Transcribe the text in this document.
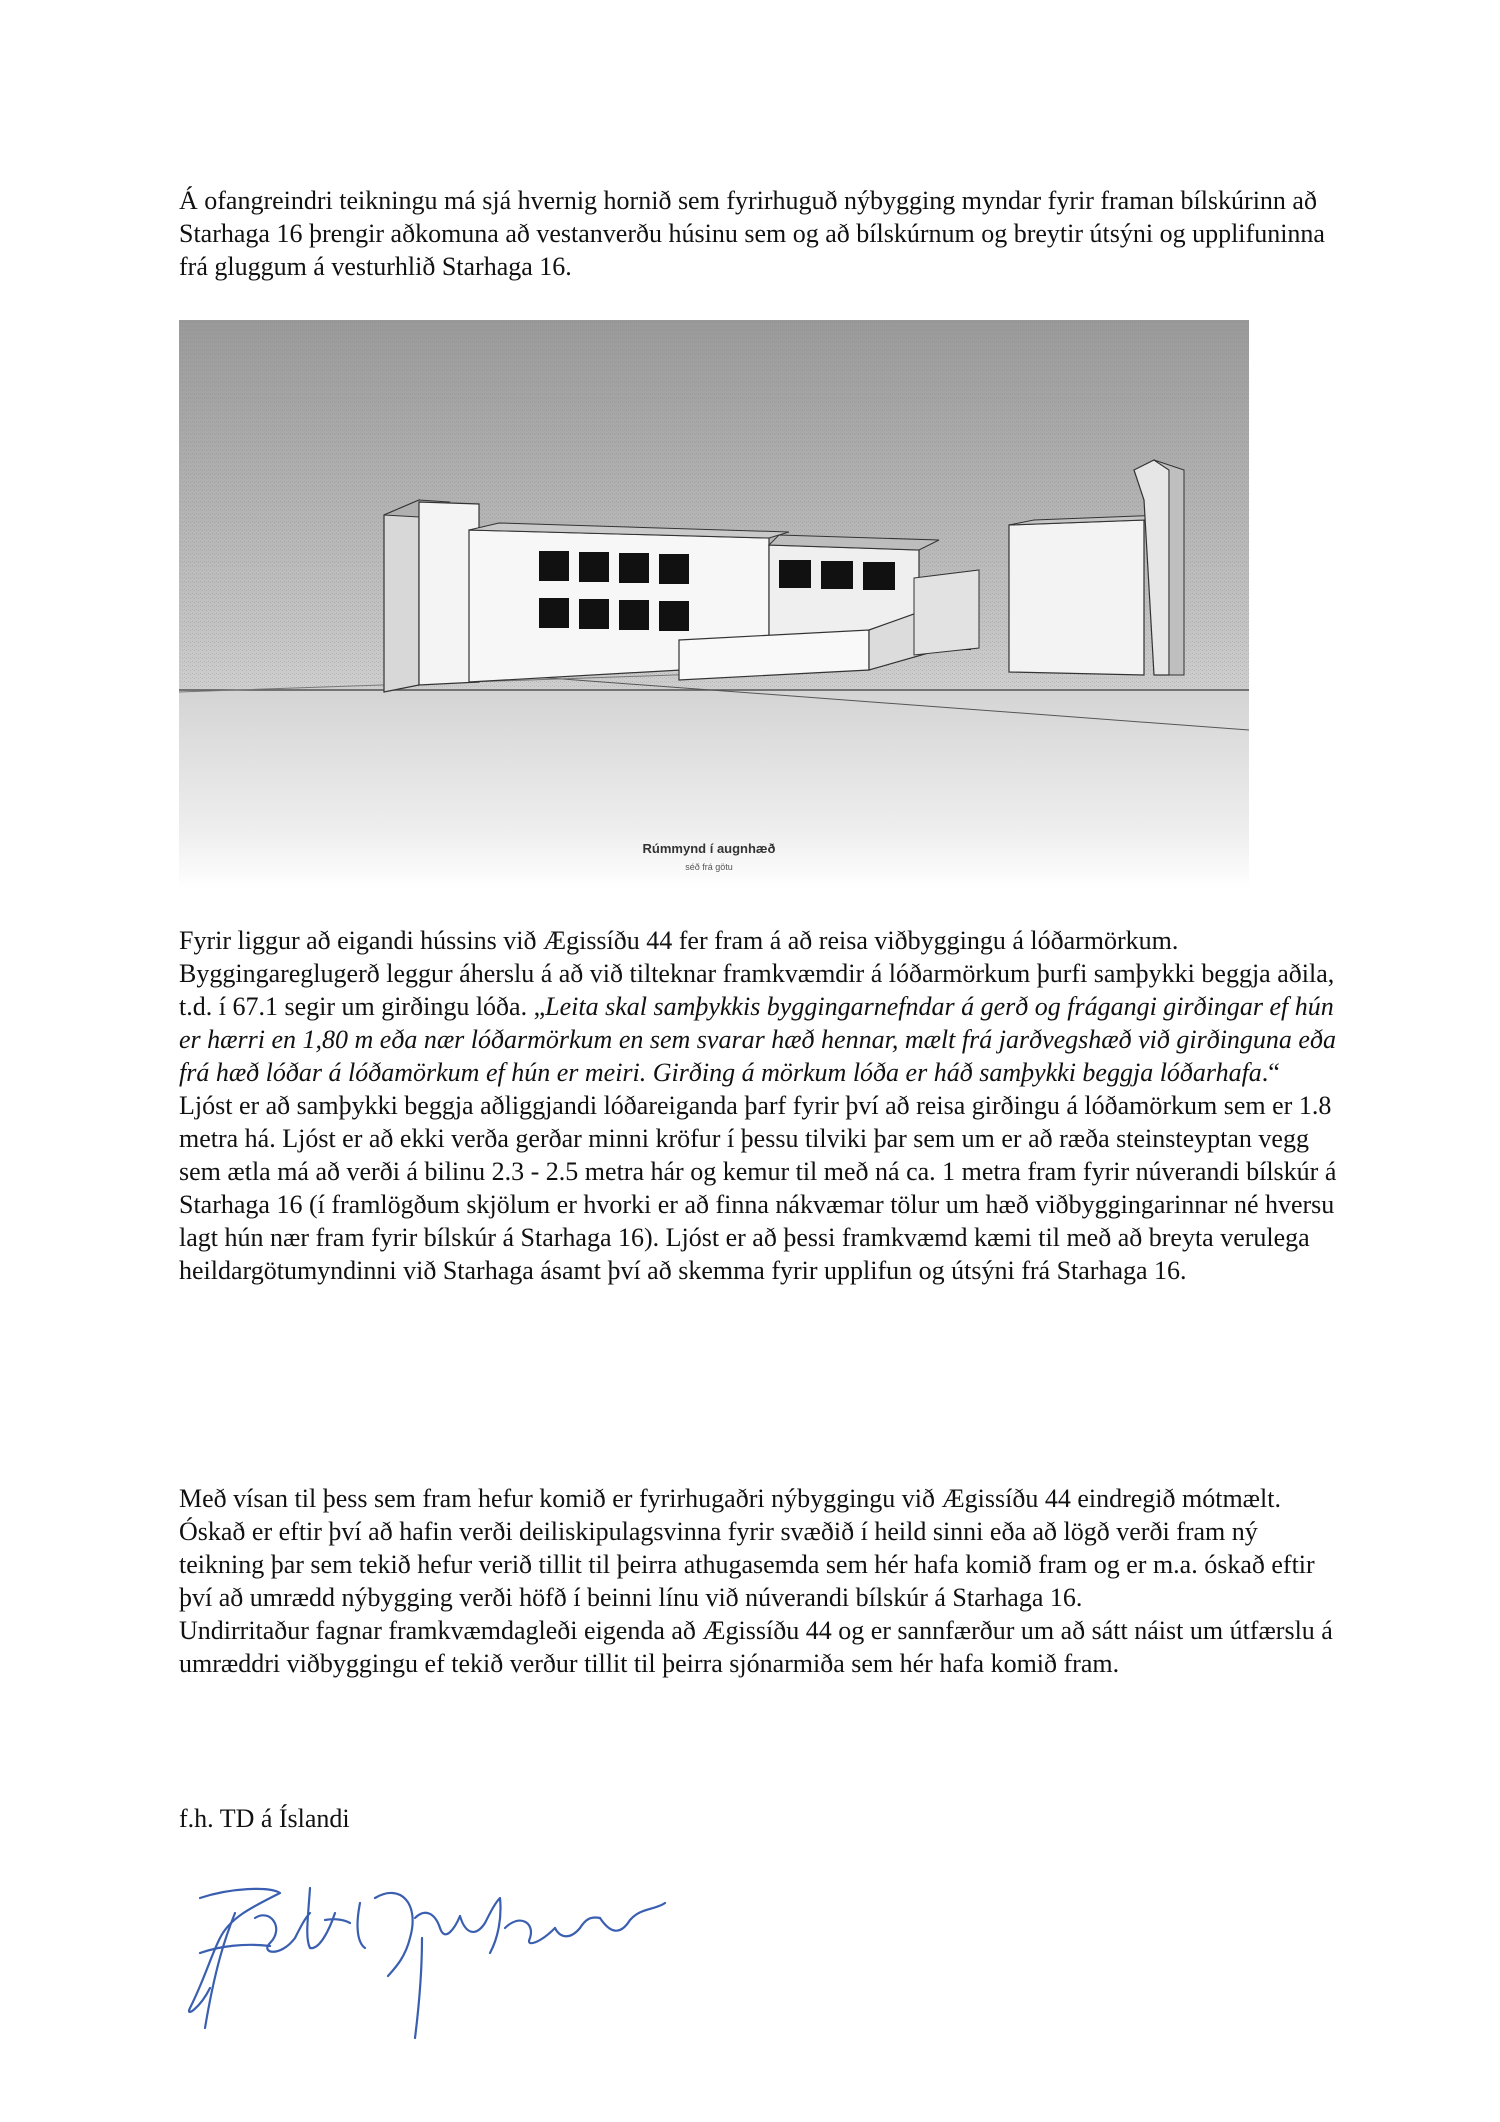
Á ofangreindri teikningu má sjá hvernig hornið sem fyrirhuguð nýbygging myndar fyrir framan bílskúrinn að Starhaga 16 þrengir aðkomuna að vestanverðu húsinu sem og að bílskúrnum og breytir útsýni og upplifuninna frá gluggum á vesturhlið Starhaga 16.

Rúmmynd í augnhæð
séð frá götu

Fyrir liggur að eigandi hússins við Ægissíðu 44 fer fram á að reisa viðbyggingu á lóðarmörkum. Byggingareglugerð leggur áherslu á að við tilteknar framkvæmdir á lóðarmörkum þurfi samþykki beggja aðila, t.d. í 67.1 segir um girðingu lóða. „Leita skal samþykkis byggingarnefndar á gerð og frágangi girðingar ef hún er hærri en 1,80 m eða nær lóðarmörkum en sem svarar hæð hennar, mælt frá jarðvegshæð við girðinguna eða frá hæð lóðar á lóðamörkum ef hún er meiri. Girðing á mörkum lóða er háð samþykki beggja lóðarhafa.“

Ljóst er að samþykki beggja aðliggjandi lóðareiganda þarf fyrir því að reisa girðingu á lóðamörkum sem er 1.8 metra há. Ljóst er að ekki verða gerðar minni kröfur í þessu tilviki þar sem um er að ræða steinsteyptan vegg sem ætla má að verði á bilinu 2.3 - 2.5 metra hár og kemur til með ná ca. 1 metra fram fyrir núverandi bílskúr á Starhaga 16 (í framlögðum skjölum er hvorki er að finna nákvæmar tölur um hæð viðbyggingarinnar né hversu lagt hún nær fram fyrir bílskúr á Starhaga 16). Ljóst er að þessi framkvæmd kæmi til með að breyta verulega heildargötumyndinni við Starhaga ásamt því að skemma fyrir upplifun og útsýni frá Starhaga 16.

Með vísan til þess sem fram hefur komið er fyrirhugaðri nýbyggingu við Ægissíðu 44 eindregið mótmælt. Óskað er eftir því að hafin verði deiliskipulagsvinna fyrir svæðið í heild sinni eða að lögð verði fram ný teikning þar sem tekið hefur verið tillit til þeirra athugasemda sem hér hafa komið fram og er m.a. óskað eftir því að umrædd nýbygging verði höfð í beinni línu við núverandi bílskúr á Starhaga 16.

Undirritaður fagnar framkvæmdagleði eigenda að Ægissíðu 44 og er sannfærður um að sátt náist um útfærslu á umræddri viðbyggingu ef tekið verður tillit til þeirra sjónarmiða sem hér hafa komið fram.

f.h. TD á Íslandi
